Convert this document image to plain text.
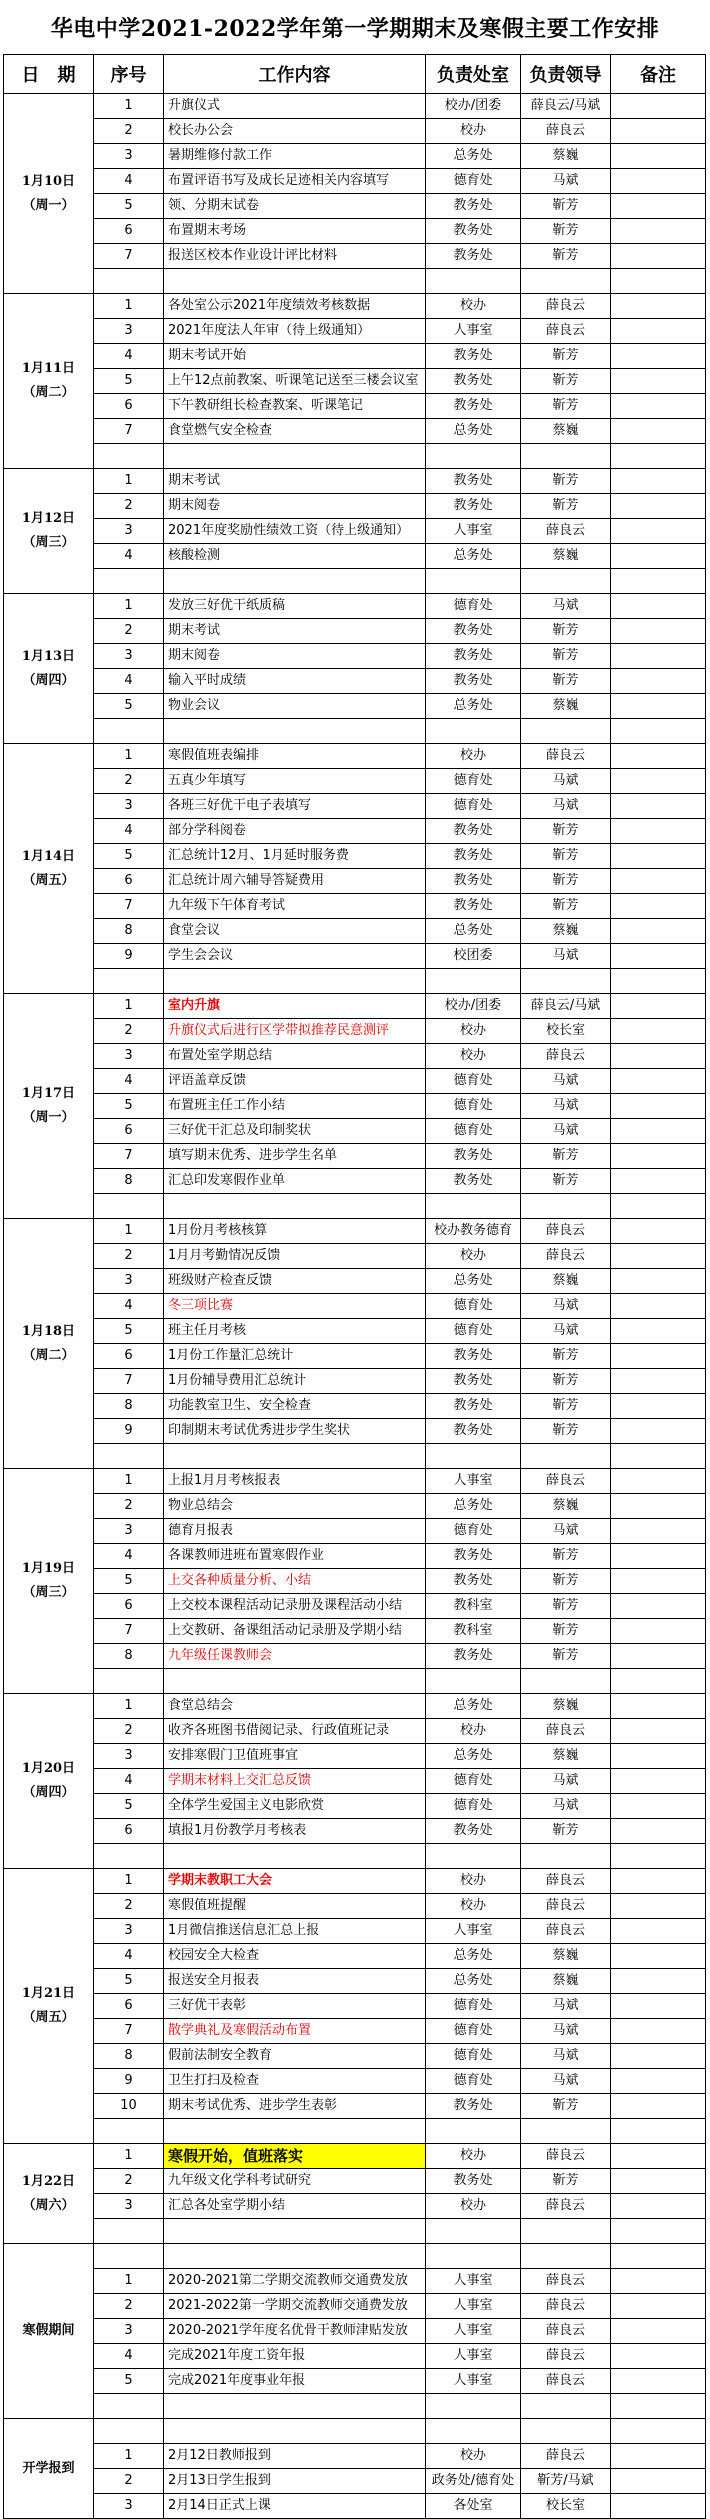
华电中学2021-2022学年第一学期期末及寒假主要工作安排
日　期	序号	工作内容	负责处室	负责领导	备注

1月10日
（周一）	1	升旗仪式	校办/团委	薛良云/马斌	
	2	校长办公会	校办	薛良云	
	3	暑期维修付款工作	总务处	蔡巍	
	4	布置评语书写及成长足迹相关内容填写	德育处	马斌	
	5	领、分期末试卷	教务处	靳芳	
	6	布置期末考场	教务处	靳芳	
	7	报送区校本作业设计评比材料	教务处	靳芳	

1月11日
（周二）	1	各处室公示2021年度绩效考核数据	校办	薛良云	
	3	2021年度法人年审（待上级通知）	人事室	薛良云	
	4	期末考试开始	教务处	靳芳	
	5	上午12点前教案、听课笔记送至三楼会议室	教务处	靳芳	
	6	下午教研组长检查教案、听课笔记	教务处	靳芳	
	7	食堂燃气安全检查	总务处	蔡巍	

1月12日
（周三）	1	期末考试	教务处	靳芳	
	2	期末阅卷	教务处	靳芳	
	3	2021年度奖励性绩效工资（待上级通知）	人事室	薛良云	
	4	核酸检测	总务处	蔡巍	

1月13日
（周四）	1	发放三好优干纸质稿	德育处	马斌	
	2	期末考试	教务处	靳芳	
	3	期末阅卷	教务处	靳芳	
	4	输入平时成绩	教务处	靳芳	
	5	物业会议	总务处	蔡巍	

1月14日
（周五）	1	寒假值班表编排	校办	薛良云	
	2	五真少年填写	德育处	马斌	
	3	各班三好优干电子表填写	德育处	马斌	
	4	部分学科阅卷	教务处	靳芳	
	5	汇总统计12月、1月延时服务费	教务处	靳芳	
	6	汇总统计周六辅导答疑费用	教务处	靳芳	
	7	九年级下午体育考试	教务处	靳芳	
	8	食堂会议	总务处	蔡巍	
	9	学生会会议	校团委	马斌	

1月17日
（周一）	1	室内升旗	校办/团委	薛良云/马斌	
	2	升旗仪式后进行区学带拟推荐民意测评	校办	校长室	
	3	布置处室学期总结	校办	薛良云	
	4	评语盖章反馈	德育处	马斌	
	5	布置班主任工作小结	德育处	马斌	
	6	三好优干汇总及印制奖状	德育处	马斌	
	7	填写期末优秀、进步学生名单	教务处	靳芳	
	8	汇总印发寒假作业单	教务处	靳芳	

1月18日
（周二）	1	1月份月考核核算	校办教务德育	薛良云	
	2	1月月考勤情况反馈	校办	薛良云	
	3	班级财产检查反馈	总务处	蔡巍	
	4	冬三项比赛	德育处	马斌	
	5	班主任月考核	德育处	马斌	
	6	1月份工作量汇总统计	教务处	靳芳	
	7	1月份辅导费用汇总统计	教务处	靳芳	
	8	功能教室卫生、安全检查	教务处	靳芳	
	9	印制期末考试优秀进步学生奖状	教务处	靳芳	

1月19日
（周三）	1	上报1月月考核报表	人事室	薛良云	
	2	物业总结会	总务处	蔡巍	
	3	德育月报表	德育处	马斌	
	4	各课教师进班布置寒假作业	教务处	靳芳	
	5	上交各种质量分析、小结	教务处	靳芳	
	6	上交校本课程活动记录册及课程活动小结	教科室	靳芳	
	7	上交教研、备课组活动记录册及学期小结	教科室	靳芳	
	8	九年级任课教师会	教务处	靳芳	

1月20日
（周四）	1	食堂总结会	总务处	蔡巍	
	2	收齐各班图书借阅记录、行政值班记录	校办	薛良云	
	3	安排寒假门卫值班事宜	总务处	蔡巍	
	4	学期末材料上交汇总反馈	德育处	马斌	
	5	全体学生爱国主义电影欣赏	德育处	马斌	
	6	填报1月份教学月考核表	教务处	靳芳	

1月21日
（周五）	1	学期末教职工大会	校办	薛良云	
	2	寒假值班提醒	校办	薛良云	
	3	1月微信推送信息汇总上报	人事室	薛良云	
	4	校园安全大检查	总务处	蔡巍	
	5	报送安全月报表	总务处	蔡巍	
	6	三好优干表彰	德育处	马斌	
	7	散学典礼及寒假活动布置	德育处	马斌	
	8	假前法制安全教育	德育处	马斌	
	9	卫生打扫及检查	德育处	马斌	
	10	期末考试优秀、进步学生表彰	教务处	靳芳	

1月22日
（周六）	1	寒假开始，值班落实	校办	薛良云	
	2	九年级文化学科考试研究	教务处	靳芳	
	3	汇总各处室学期小结	校办	薛良云	

寒假期间					

	1	2020-2021第二学期交流教师交通费发放	人事室	薛良云	
	2	2021-2022第一学期交流教师交通费发放	人事室	薛良云	
	3	2020-2021学年度名优骨干教师津贴发放	人事室	薛良云	
	4	完成2021年度工资年报	人事室	薛良云	
	5	完成2021年度事业年报	人事室	薛良云	

开学报到					

	1	2月12日教师报到	校办	薛良云	
	2	2月13日学生报到	政务处/德育处	靳芳/马斌	
	3	2月14日正式上课	各处室	校长室	
